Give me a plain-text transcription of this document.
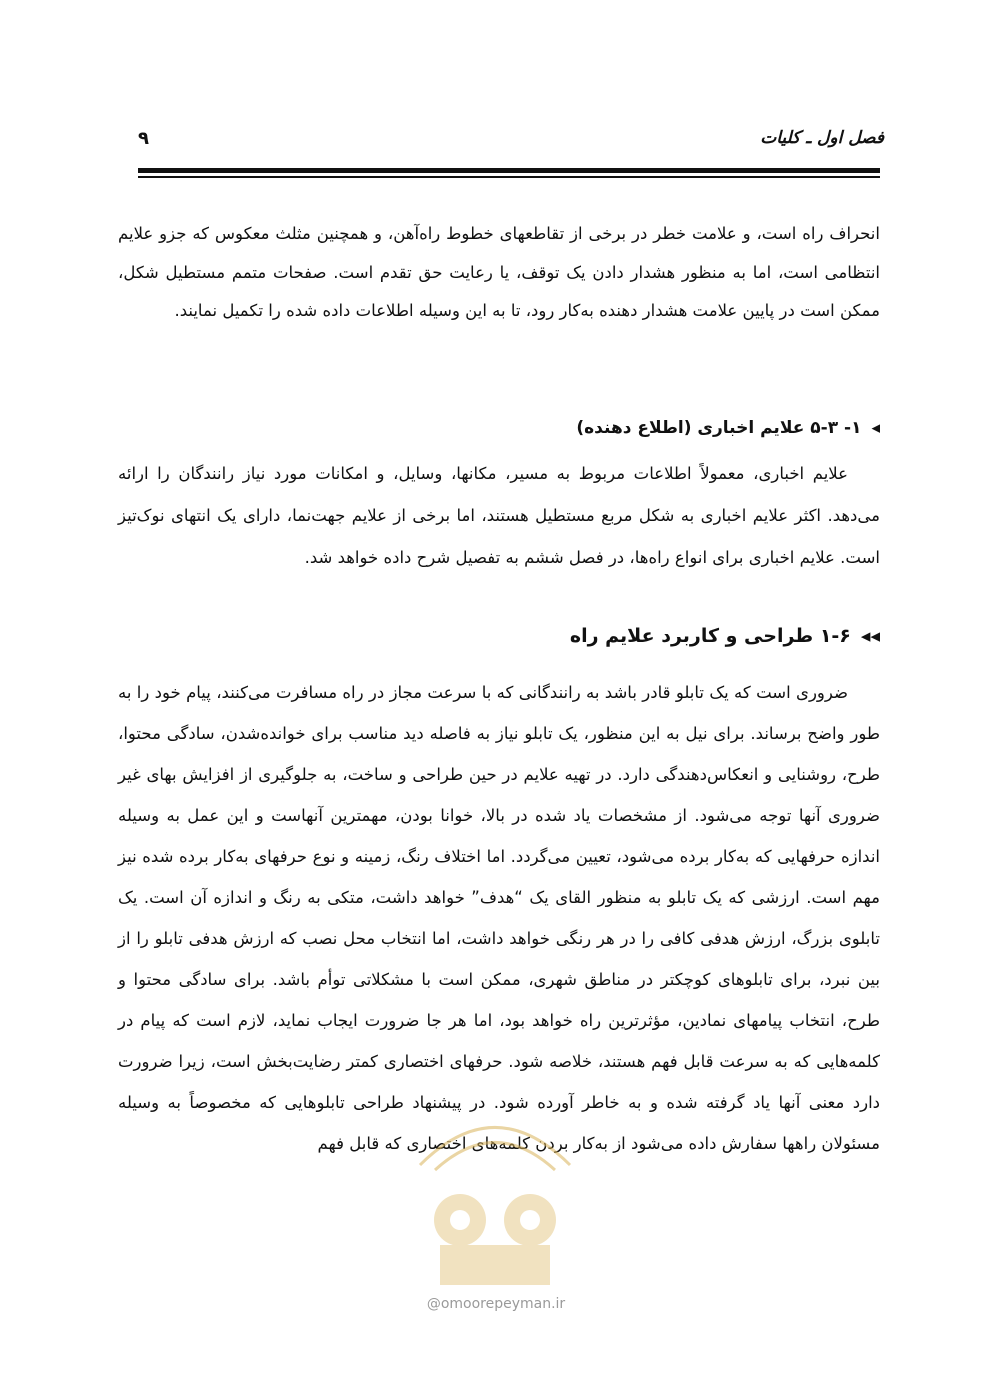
فصل اول ـ کلیات
۹

انحراف راه است، و علامت خطر در برخی از تقاطعهای خطوط راه‌آهن، و همچنین مثلث معکوس که جزو علایم انتظامی است، اما به منظور هشدار دادن یک توقف، یا رعایت حق تقدم است. صفحات متمم مستطیل شکل، ممکن است در پایین علامت هشدار دهنده به‌کار رود، تا به این وسیله اطلاعات داده شده را تکمیل نمایند.

◂۱- ۵-۳ علایم اخباری (اطلاع دهنده)

علایم اخباری، معمولاً اطلاعات مربوط به مسیر، مکانها، وسایل، و امکانات مورد نیاز رانندگان را ارائه می‌دهد. اکثر علایم اخباری به شکل مربع مستطیل هستند، اما برخی از علایم جهت‌نما، دارای یک انتهای نوک‌تیز است. علایم اخباری برای انواع راه‌ها، در فصل ششم به تفصیل شرح داده خواهد شد.

◂◂۱-۶ طراحی و کاربرد علایم راه

ضروری است که یک تابلو قادر باشد به رانندگانی که با سرعت مجاز در راه مسافرت می‌کنند، پیام خود را به طور واضح برساند. برای نیل به این منظور، یک تابلو نیاز به فاصله دید مناسب برای خوانده‌شدن، سادگی محتوا، طرح، روشنایی و انعکاس‌دهندگی دارد. در تهیه علایم در حین طراحی و ساخت، به جلوگیری از افزایش بهای غیر ضروری آنها توجه می‌شود. از مشخصات یاد شده در بالا، خوانا بودن، مهمترین آنهاست و این عمل به وسیله اندازه حرفهایی که به‌کار برده می‌شود، تعیین می‌گردد. اما اختلاف رنگ، زمینه و نوع حرفهای به‌کار برده شده نیز مهم است. ارزشی که یک تابلو به منظور القای یک “هدف” خواهد داشت، متکی به رنگ و اندازه آن است. یک تابلوی بزرگ، ارزش هدفی کافی را در هر رنگی خواهد داشت، اما انتخاب محل نصب که ارزش هدفی تابلو را از بین نبرد، برای تابلوهای کوچکتر در مناطق شهری، ممکن است با مشکلاتی توأم باشد. برای سادگی محتوا و طرح، انتخاب پیامهای نمادین، مؤثرترین راه خواهد بود، اما هر جا ضرورت ایجاب نماید، لازم است که پیام در کلمه‌هایی که به سرعت قابل فهم هستند، خلاصه شود. حرفهای اختصاری کمتر رضایت‌بخش است، زیرا ضرورت دارد معنی آنها یاد گرفته شده و به خاطر آورده شود. در پیشنهاد طراحی تابلوهایی که مخصوصاً به وسیله مسئولان راهها سفارش داده می‌شود از به‌کار بردن کلمه‌های اختصاری که قابل فهم

@omoorepeyman.ir
